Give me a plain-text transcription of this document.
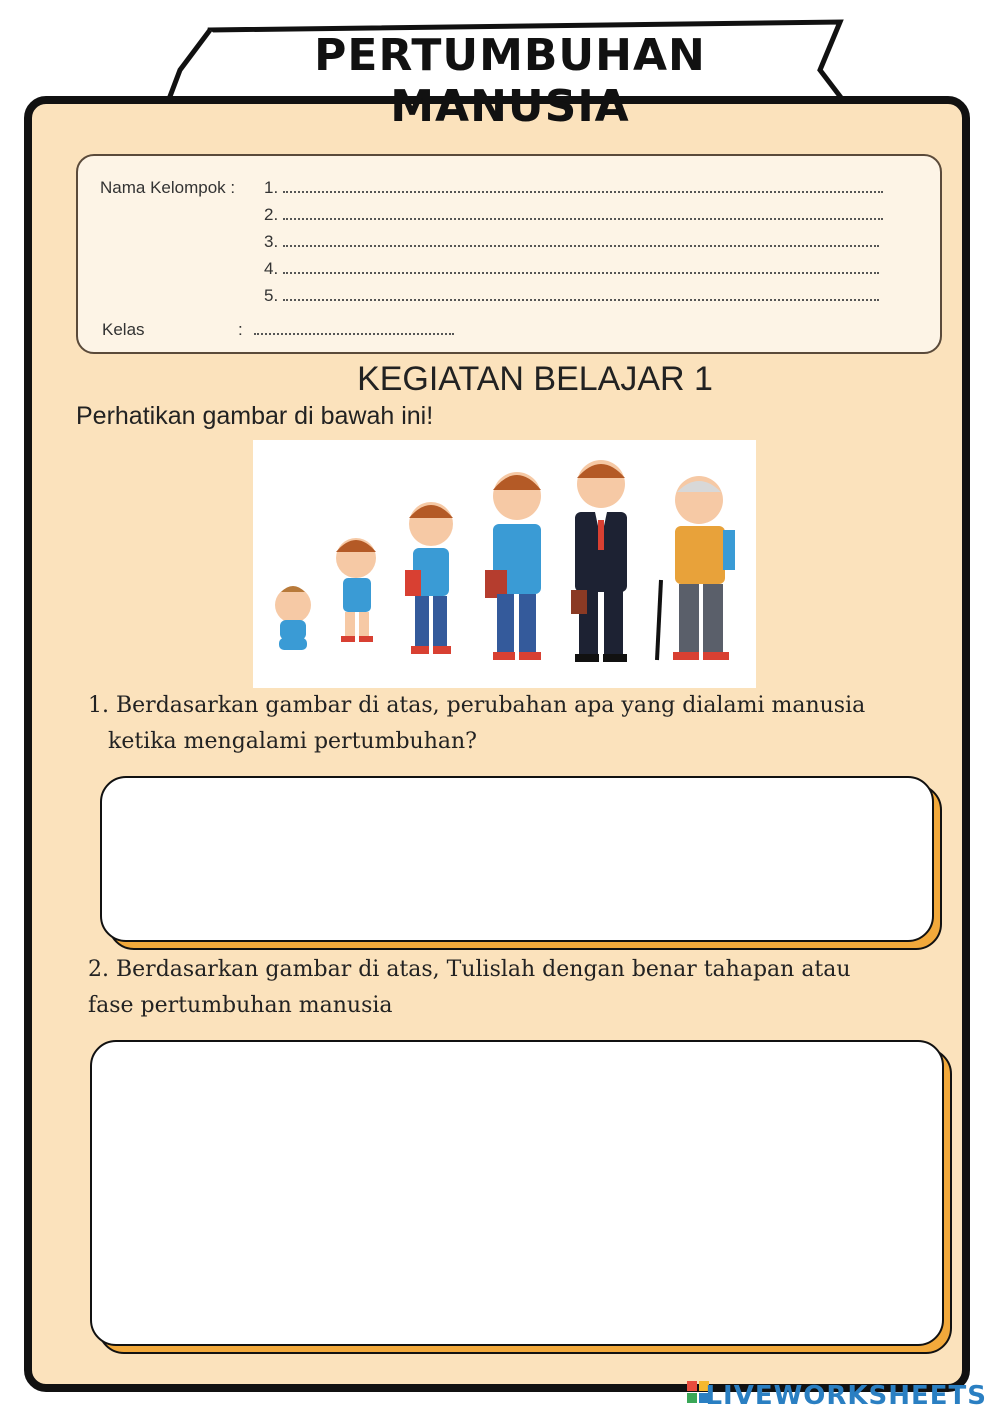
PERTUMBUHAN MANUSIA
Nama Kelompok : 1.
2.
3.
4.
5.
Kelas	:
KEGIATAN BELAJAR 1
Perhatikan gambar di bawah ini!
1. Berdasarkan gambar di atas, perubahan apa yang dialami manusia
ketika mengalami pertumbuhan?
2. Berdasarkan gambar di atas, Tulislah dengan benar tahapan atau
fase pertumbuhan manusia
LIVEWORKSHEETS
